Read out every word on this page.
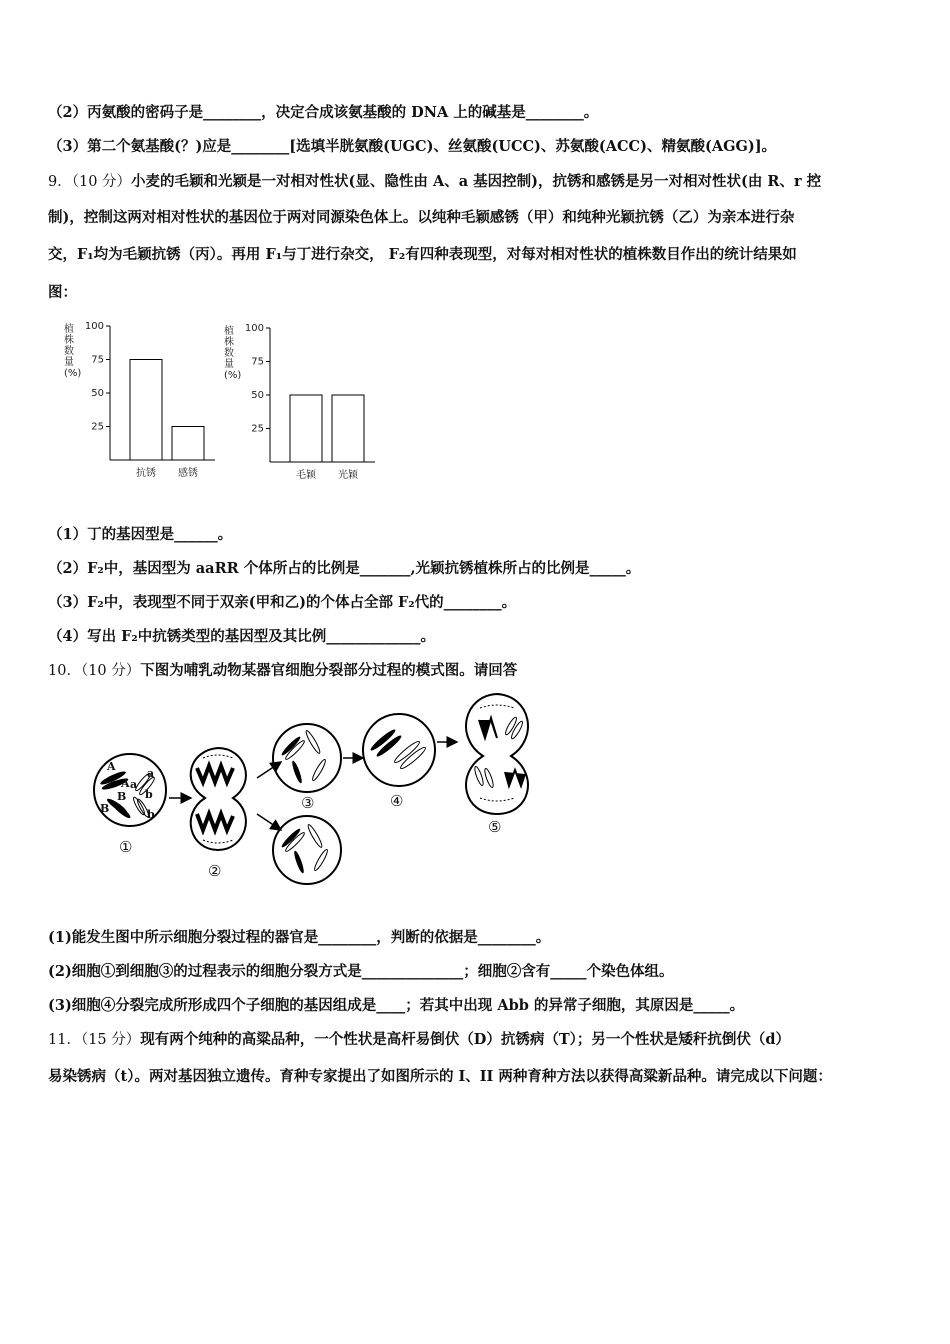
（2）丙氨酸的密码子是________，决定合成该氨基酸的 DNA 上的碱基是________。
（3）第二个氨基酸(？)应是________[选填半胱氨酸(UGC)、丝氨酸(UCC)、苏氨酸(ACC)、精氨酸(AGG)]。
9．（10 分）小麦的毛颖和光颖是一对相对性状(显、隐性由 A、a 基因控制)，抗锈和感锈是另一对相对性状(由 R、r 控
制)，控制这两对相对性状的基因位于两对同源染色体上。以纯种毛颖感锈（甲）和纯种光颖抗锈（乙）为亲本进行杂
交，F₁均为毛颖抗锈（丙）。再用 F₁与丁进行杂交， F₂有四种表现型，对每对相对性状的植株数目作出的统计结果如
图：
植
株
数
量
(%)
25
50
75
100
抗锈 感锈
植
株
数
量
(%)
25
50
75
100
毛颖 光颖
（1）丁的基因型是______。
（2）F₂中，基因型为 aaRR 个体所占的比例是_______,光颖抗锈植株所占的比例是_____。
（3）F₂中，表现型不同于双亲(甲和乙)的个体占全部 F₂代的________。
（4）写出 F₂中抗锈类型的基因型及其比例_____________。
10．（10 分）下图为哺乳动物某器官细胞分裂部分过程的模式图。请回答
A
A a
a
B
B
b
b
①
②
③	④
⑤
(1)能发生图中所示细胞分裂过程的器官是________，判断的依据是________。
(2)细胞①到细胞③的过程表示的细胞分裂方式是______________；细胞②含有_____个染色体组。
(3)细胞④分裂完成所形成四个子细胞的基因组成是____；若其中出现 Abb 的异常子细胞，其原因是_____。
11．（15 分）现有两个纯种的高粱品种，一个性状是高杆易倒伏（D）抗锈病（T）；另一个性状是矮秆抗倒伏（d）
易染锈病（t）。两对基因独立遗传。育种专家提出了如图所示的 I、II 两种育种方法以获得高粱新品种。请完成以下问题：
